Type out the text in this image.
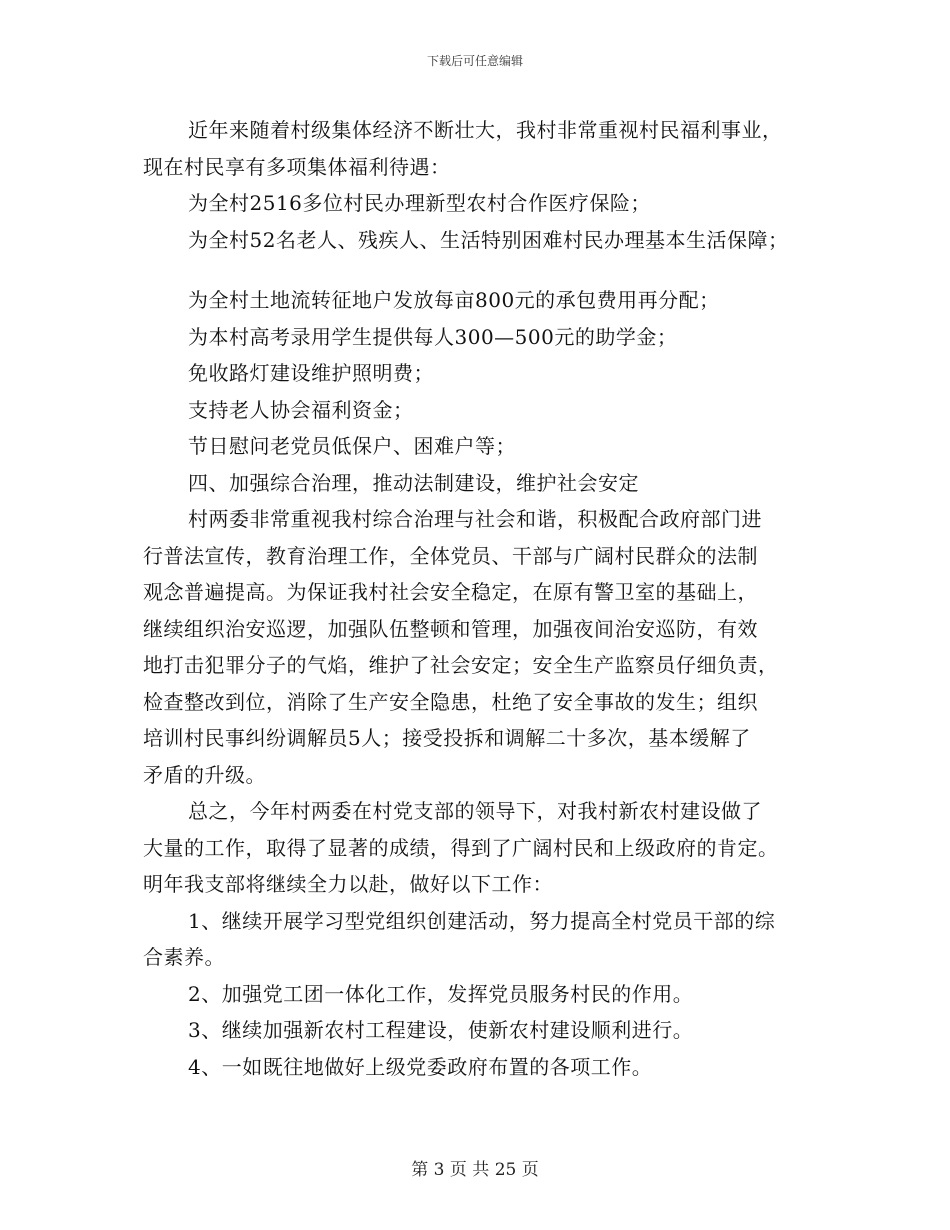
下载后可任意编辑
近年来随着村级集体经济不断壮大，我村非常重视村民福利事业，
现在村民享有多项集体福利待遇：
为全村2516多位村民办理新型农村合作医疗保险；
为全村52名老人、残疾人、生活特别困难村民办理基本生活保障；
为全村土地流转征地户发放每亩800元的承包费用再分配；
为本村高考录用学生提供每人300—500元的助学金；
免收路灯建设维护照明费；
支持老人协会福利资金；
节日慰问老党员低保户、困难户等；
四、加强综合治理，推动法制建设，维护社会安定
村两委非常重视我村综合治理与社会和谐，积极配合政府部门进
行普法宣传，教育治理工作，全体党员、干部与广阔村民群众的法制
观念普遍提高。为保证我村社会安全稳定，在原有警卫室的基础上，
继续组织治安巡逻，加强队伍整顿和管理，加强夜间治安巡防，有效
地打击犯罪分子的气焰，维护了社会安定；安全生产监察员仔细负责，
检查整改到位，消除了生产安全隐患，杜绝了安全事故的发生；组织
培训村民事纠纷调解员5人；接受投拆和调解二十多次，基本缓解了
矛盾的升级。
总之，今年村两委在村党支部的领导下，对我村新农村建设做了
大量的工作，取得了显著的成绩，得到了广阔村民和上级政府的肯定。
明年我支部将继续全力以赴，做好以下工作：
1、继续开展学习型党组织创建活动，努力提高全村党员干部的综
合素养。
2、加强党工团一体化工作，发挥党员服务村民的作用。
3、继续加强新农村工程建设，使新农村建设顺利进行。
4、一如既往地做好上级党委政府布置的各项工作。
第 3 页 共 25 页
